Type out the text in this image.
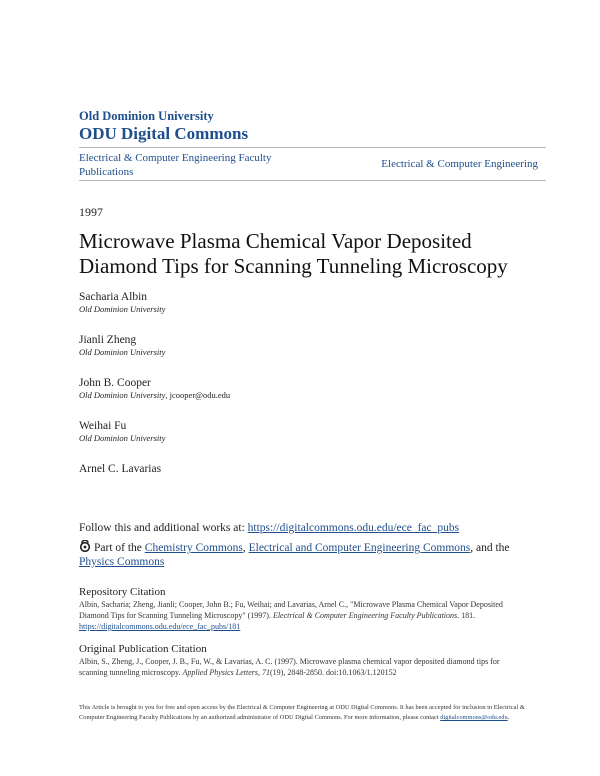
Old Dominion University
ODU Digital Commons
Electrical & Computer Engineering Faculty Publications
Electrical & Computer Engineering
1997
Microwave Plasma Chemical Vapor Deposited Diamond Tips for Scanning Tunneling Microscopy
Sacharia Albin
Old Dominion University
Jianli Zheng
Old Dominion University
John B. Cooper
Old Dominion University, jcooper@odu.edu
Weihai Fu
Old Dominion University
Arnel C. Lavarias
Follow this and additional works at: https://digitalcommons.odu.edu/ece_fac_pubs
Part of the Chemistry Commons, Electrical and Computer Engineering Commons, and the Physics Commons
Repository Citation
Albin, Sacharia; Zheng, Jianli; Cooper, John B.; Fu, Weihai; and Lavarias, Arnel C., "Microwave Plasma Chemical Vapor Deposited Diamond Tips for Scanning Tunneling Microscopy" (1997). Electrical & Computer Engineering Faculty Publications. 181.
https://digitalcommons.odu.edu/ece_fac_pubs/181
Original Publication Citation
Albin, S., Zheng, J., Cooper, J. B., Fu, W., & Lavarias, A. C. (1997). Microwave plasma chemical vapor deposited diamond tips for scanning tunneling microscopy. Applied Physics Letters, 71(19), 2848-2850. doi:10.1063/1.120152
This Article is brought to you for free and open access by the Electrical & Computer Engineering at ODU Digital Commons. It has been accepted for inclusion in Electrical & Computer Engineering Faculty Publications by an authorized administrator of ODU Digital Commons. For more information, please contact digitalcommons@odu.edu.
